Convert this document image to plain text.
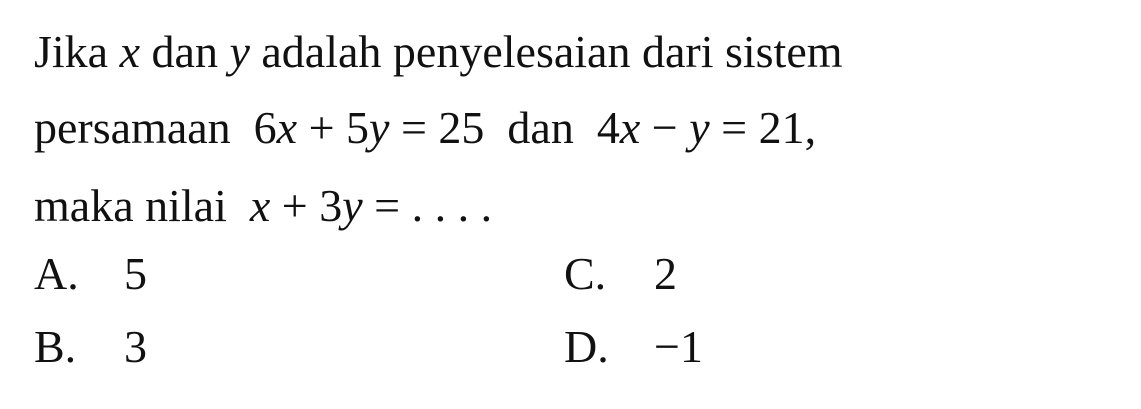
Jika x dan y adalah penyelesaian dari sistem
persamaan 6x + 5y = 25 dan 4x − y = 21,
maka nilai x + 3y = . . . .
A. 5
B. 3
C. 2
D. −1
